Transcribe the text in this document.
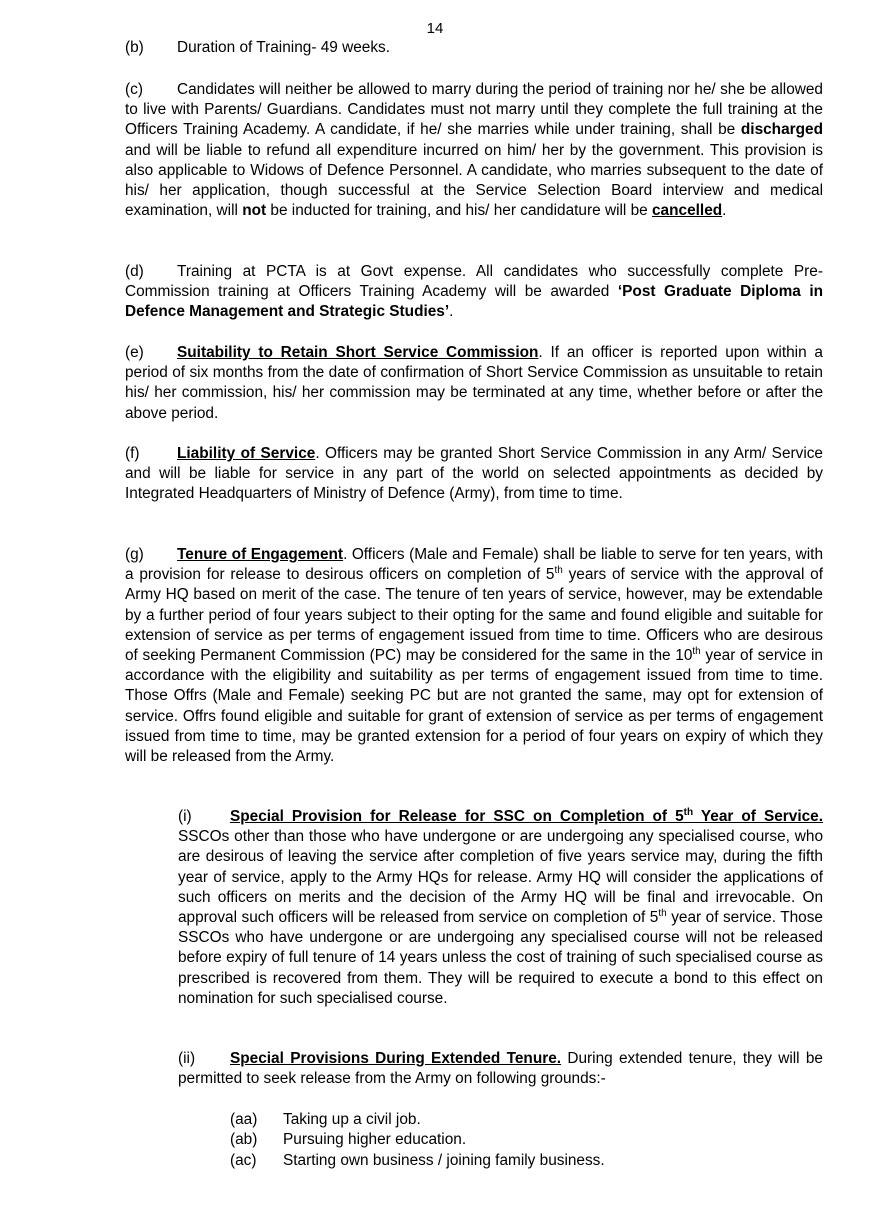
14

(b) Duration of Training- 49 weeks.

(c) Candidates will neither be allowed to marry during the period of training nor he/ she be allowed to live with Parents/ Guardians. Candidates must not marry until they complete the full training at the Officers Training Academy. A candidate, if he/ she marries while under training, shall be discharged and will be liable to refund all expenditure incurred on him/ her by the government. This provision is also applicable to Widows of Defence Personnel. A candidate, who marries subsequent to the date of his/ her application, though successful at the Service Selection Board interview and medical examination, will not be inducted for training, and his/ her candidature will be cancelled.

(d) Training at PCTA is at Govt expense. All candidates who successfully complete Pre-Commission training at Officers Training Academy will be awarded ‘Post Graduate Diploma in Defence Management and Strategic Studies’.

(e) Suitability to Retain Short Service Commission. If an officer is reported upon within a period of six months from the date of confirmation of Short Service Commission as unsuitable to retain his/ her commission, his/ her commission may be terminated at any time, whether before or after the above period.

(f) Liability of Service. Officers may be granted Short Service Commission in any Arm/ Service and will be liable for service in any part of the world on selected appointments as decided by Integrated Headquarters of Ministry of Defence (Army), from time to time.

(g) Tenure of Engagement. Officers (Male and Female) shall be liable to serve for ten years, with a provision for release to desirous officers on completion of 5th years of service with the approval of Army HQ based on merit of the case. The tenure of ten years of service, however, may be extendable by a further period of four years subject to their opting for the same and found eligible and suitable for extension of service as per terms of engagement issued from time to time. Officers who are desirous of seeking Permanent Commission (PC) may be considered for the same in the 10th year of service in accordance with the eligibility and suitability as per terms of engagement issued from time to time. Those Offrs (Male and Female) seeking PC but are not granted the same, may opt for extension of service. Offrs found eligible and suitable for grant of extension of service as per terms of engagement issued from time to time, may be granted extension for a period of four years on expiry of which they will be released from the Army.

(i) Special Provision for Release for SSC on Completion of 5th Year of Service. SSCOs other than those who have undergone or are undergoing any specialised course, who are desirous of leaving the service after completion of five years service may, during the fifth year of service, apply to the Army HQs for release. Army HQ will consider the applications of such officers on merits and the decision of the Army HQ will be final and irrevocable. On approval such officers will be released from service on completion of 5th year of service. Those SSCOs who have undergone or are undergoing any specialised course will not be released before expiry of full tenure of 14 years unless the cost of training of such specialised course as prescribed is recovered from them. They will be required to execute a bond to this effect on nomination for such specialised course.

(ii) Special Provisions During Extended Tenure. During extended tenure, they will be permitted to seek release from the Army on following grounds:-

(aa) Taking up a civil job.
(ab) Pursuing higher education.
(ac) Starting own business / joining family business.
